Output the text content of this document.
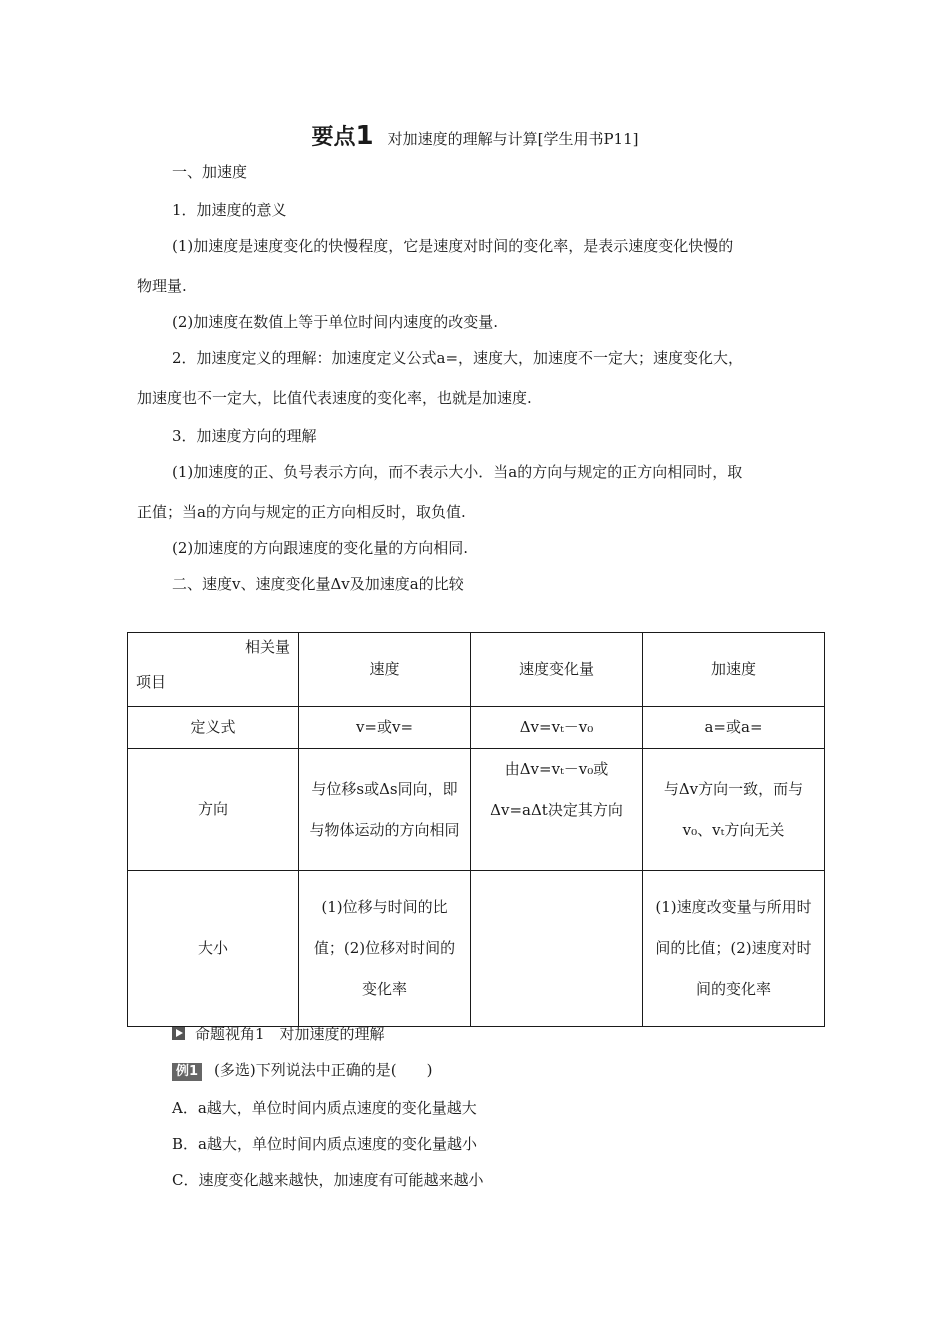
要点1 对加速度的理解与计算[学生用书P11]
一、加速度
1．加速度的意义
(1)加速度是速度变化的快慢程度，它是速度对时间的变化率，是表示速度变化快慢的
物理量.
(2)加速度在数值上等于单位时间内速度的改变量.
2．加速度定义的理解：加速度定义公式a=，速度大，加速度不一定大；速度变化大，
加速度也不一定大，比值代表速度的变化率，也就是加速度.
3．加速度方向的理解
(1)加速度的正、负号表示方向，而不表示大小．当a的方向与规定的正方向相同时，取
正值；当a的方向与规定的正方向相反时，取负值.
(2)加速度的方向跟速度的变化量的方向相同.
二、速度v、速度变化量Δv及加速度a的比较
相关量
项目	速度	速度变化量	加速度
定义式	v=或v=	Δv=vₜ－v₀	a=或a=
方向	与位移s或Δs同向，即与物体运动的方向相同	由Δv=vₜ－v₀或Δv=aΔt决定其方向	与Δv方向一致，而与v₀、vₜ方向无关
大小	(1)位移与时间的比值；(2)位移对时间的变化率		(1)速度改变量与所用时间的比值；(2)速度对时间的变化率
命题视角1　对加速度的理解
例1 (多选)下列说法中正确的是(　　)
A．a越大，单位时间内质点速度的变化量越大
B．a越大，单位时间内质点速度的变化量越小
C．速度变化越来越快，加速度有可能越来越小
